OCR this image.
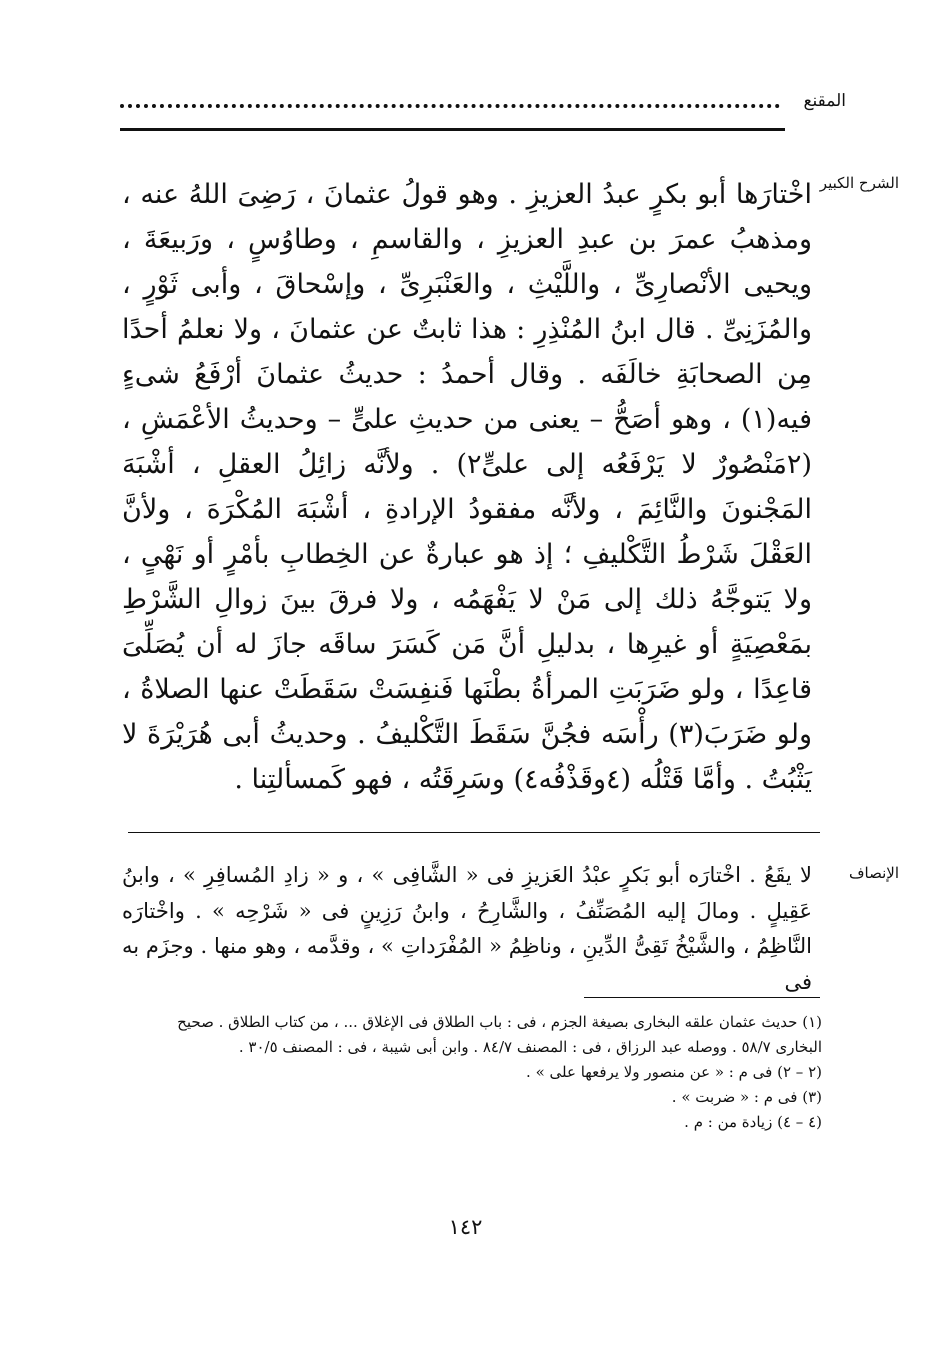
المقنع
الشرح الكبير

اخْتارَها أبو بكرٍ عبدُ العزيزِ . وهو قولُ عثمانَ ، رَضِىَ اللهُ عنه ، ومذهبُ عمرَ بن عبدِ العزيزِ ، والقاسمِ ، وطاوُسٍ ، ورَبيعَةَ ، ويحيى الأنْصارِىِّ ، واللَّيْثِ ، والعَنْبَرِىِّ ، وإسْحاقَ ، وأبى ثَوْرٍ ، والمُزَنِىِّ . قال ابنُ المُنْذِرِ : هذا ثابتٌ عن عثمانَ ، ولا نعلمُ أحدًا مِن الصحابَةِ خالَفَه . وقال أحمدُ : حديثُ عثمانَ أرْفَعُ شىءٍ فيه(١) ، وهو أصَحُّ – يعنى من حديثِ علىٍّ – وحديثُ الأعْمَشِ ، (٢مَنْصُورٌ لا يَرْفَعُه إلى علىٍّ٢) . ولأنَّه زائِلُ العقلِ ، أشْبَهَ المَجْنونَ والنَّائِمَ ، ولأنَّه مفقودُ الإرادةِ ، أشْبَهَ المُكْرَهَ ، ولأنَّ العَقْلَ شَرْطُ التَّكْليفِ ؛ إذ هو عبارةٌ عن الخِطابِ بأمْرٍ أو نَهْىٍ ، ولا يَتوجَّهُ ذلك إلى مَنْ لا يَفْهَمُه ، ولا فرقَ بينَ زوالِ الشَّرْطِ بمَعْصِيَةٍ أو غيرِها ، بدليلِ أنَّ مَن كَسَرَ ساقَه جازَ له أن يُصَلِّىَ قاعِدًا ، ولو ضَرَبَتِ المرأةُ بطْنَها فَنفِسَتْ سَقَطَتْ عنها الصلاةُ ، ولو ضَرَبَ(٣) رأْسَه فجُنَّ سَقَطَ التَّكْليفُ . وحديثُ أبى هُرَيْرَةَ لا يَثْبُتُ . وأمَّا قَتْلُه (٤وقَذْفُه٤) وسَرِقَتُه ، فهو كَمسألتِنا .

الإنصاف

لا يقَعُ . اخْتارَه أبو بَكرٍ عبْدُ العَزيزِ فى « الشَّافِى » ، و « زادِ المُسافِرِ » ، وابنُ عَقِيلٍ . ومالَ إليه المُصَنِّفُ ، والشَّارِحُ ، وابنُ رَزِينٍ فى « شَرْحِه » . واخْتارَه النَّاظِمُ ، والشَّيْخُ تَقِىُّ الدِّينِ ، وناظِمُ « المُفْرَداتِ » ، وقدَّمه ، وهو منها . وجزَم به فى

(١) حديث عثمان علقه البخارى بصيغة الجزم ، فى : باب الطلاق فى الإغلاق ... ، من كتاب الطلاق . صحيح البخارى ٥٨/٧ . ووصله عبد الرزاق ، فى : المصنف ٨٤/٧ . وابن أبى شيبة ، فى : المصنف ٣٠/٥ .

(٢ – ٢) فى م : « عن منصور ولا يرفعها على » .

(٣) فى م : « ضربت » .

(٤ – ٤) زيادة من : م .

١٤٢
